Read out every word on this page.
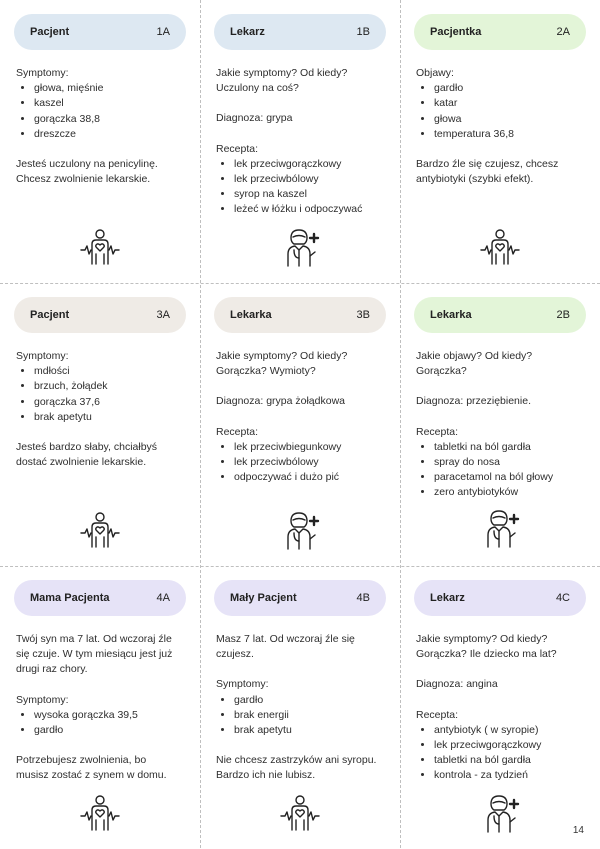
Pacjent	1A

Symptomy:

• głowa, mięśnie
• kaszel
• gorączka 38,8
• dreszcze

Jesteś uczulony na penicylinę.

Chcesz zwolnienie lekarskie.

Lekarz	1B

Jakie symptomy? Od kiedy?

Uczulony na coś?

Diagnoza: grypa

Recepta:

• lek przeciwgorączkowy
• lek przeciwbólowy
• syrop na kaszel
• leżeć w łóżku i odpoczywać
Pacjentka	2A

Objawy:

• gardło
• katar
• głowa
• temperatura 36,8

Bardzo źle się czujesz, chcesz

antybiotyki (szybki efekt).

Pacjent	3A

Symptomy:

• mdłości
• brzuch, żołądek
• gorączka 37,6
• brak apetytu

Jesteś bardzo słaby, chciałbyś

dostać zwolnienie lekarskie.

Lekarka	3B

Jakie symptomy? Od kiedy?

Gorączka? Wymioty?

Diagnoza: grypa żołądkowa

Recepta:

• lek przeciwbiegunkowy
• lek przeciwbólowy
• odpoczywać i dużo pić
Lekarka	2B

Jakie objawy? Od kiedy?

Gorączka?

Diagnoza: przeziębienie.

Recepta:

• tabletki na ból gardła
• spray do nosa
• paracetamol na ból głowy
• zero antybiotyków
Mama Pacjenta	4A

Twój syn ma 7 lat. Od wczoraj źle

się czuje. W tym miesiącu jest już

drugi raz chory.

Symptomy:

• wysoka gorączka 39,5
• gardło

Potrzebujesz zwolnienia, bo

musisz zostać z synem w domu.

Mały Pacjent	4B

Masz 7 lat. Od wczoraj źle się

czujesz.

Symptomy:

• gardło
• brak energii
• brak apetytu

Nie chcesz zastrzyków ani syropu.

Bardzo ich nie lubisz.

Lekarz	4C

Jakie symptomy? Od kiedy?

Gorączka? Ile dziecko ma lat?

Diagnoza: angina

Recepta:

• antybiotyk ( w syropie)
• lek przeciwgorączkowy
• tabletki na ból gardła
• kontrola - za tydzień
14
